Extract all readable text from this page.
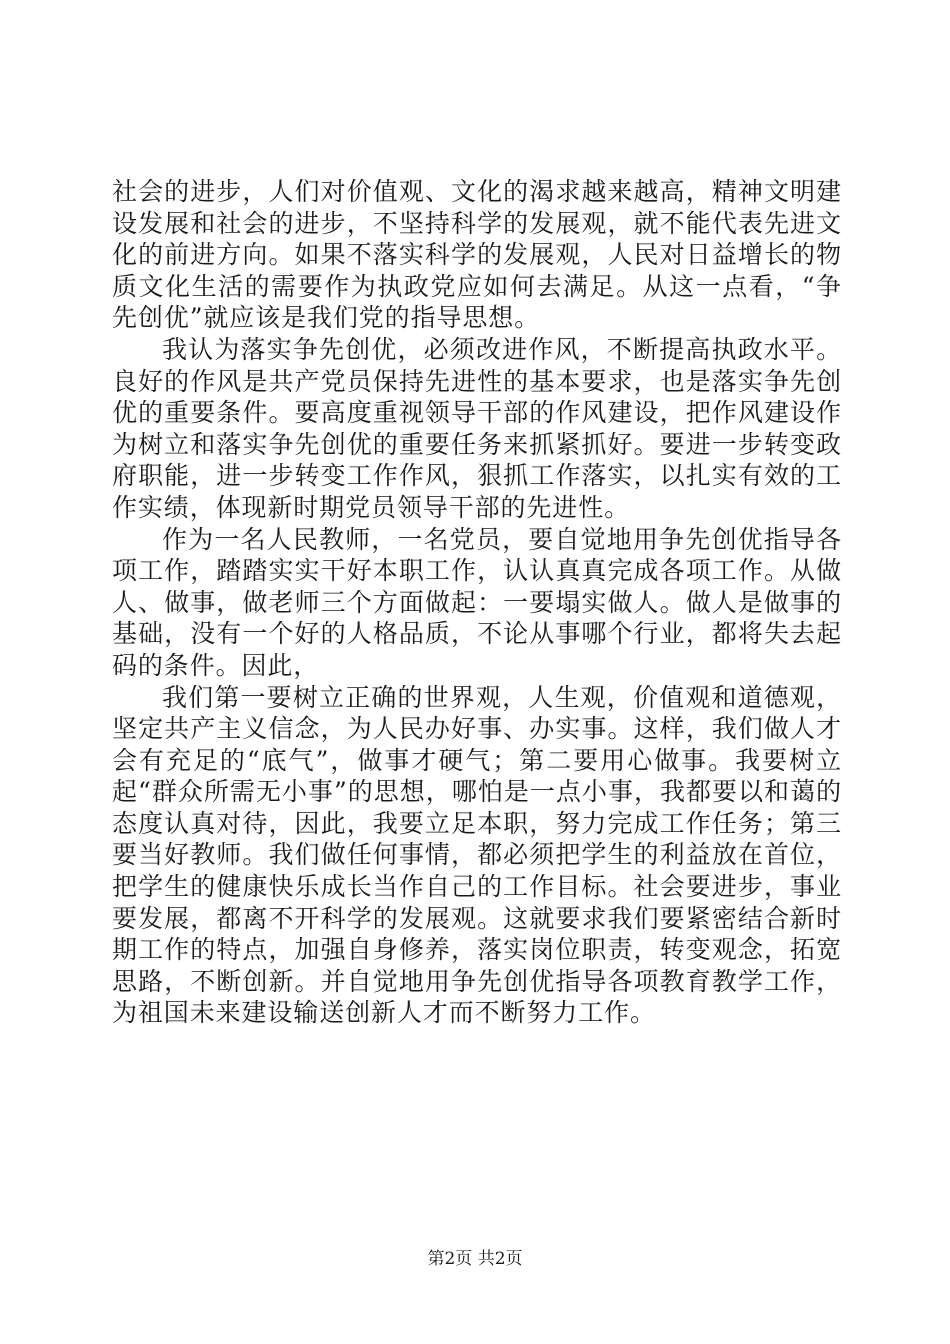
社会的进步，人们对价值观、文化的渴求越来越高，精神文明建设发展和社会的进步，不坚持科学的发展观，就不能代表先进文化的前进方向。如果不落实科学的发展观，人民对日益增长的物质文化生活的需要作为执政党应如何去满足。从这一点看，“争先创优”就应该是我们党的指导思想。

我认为落实争先创优，必须改进作风，不断提高执政水平。良好的作风是共产党员保持先进性的基本要求，也是落实争先创优的重要条件。要高度重视领导干部的作风建设，把作风建设作为树立和落实争先创优的重要任务来抓紧抓好。要进一步转变政府职能，进一步转变工作作风，狠抓工作落实，以扎实有效的工作实绩，体现新时期党员领导干部的先进性。

作为一名人民教师，一名党员，要自觉地用争先创优指导各项工作，踏踏实实干好本职工作，认认真真完成各项工作。从做人、做事，做老师三个方面做起：一要塌实做人。做人是做事的基础，没有一个好的人格品质，不论从事哪个行业，都将失去起码的条件。因此，

我们第一要树立正确的世界观，人生观，价值观和道德观，坚定共产主义信念，为人民办好事、办实事。这样，我们做人才会有充足的“底气”，做事才硬气；第二要用心做事。我要树立起“群众所需无小事”的思想，哪怕是一点小事，我都要以和蔼的态度认真对待，因此，我要立足本职，努力完成工作任务；第三要当好教师。我们做任何事情，都必须把学生的利益放在首位，把学生的健康快乐成长当作自己的工作目标。社会要进步，事业要发展，都离不开科学的发展观。这就要求我们要紧密结合新时期工作的特点，加强自身修养，落实岗位职责，转变观念，拓宽思路，不断创新。并自觉地用争先创优指导各项教育教学工作，为祖国未来建设输送创新人才而不断努力工作。

第2页 共2页
